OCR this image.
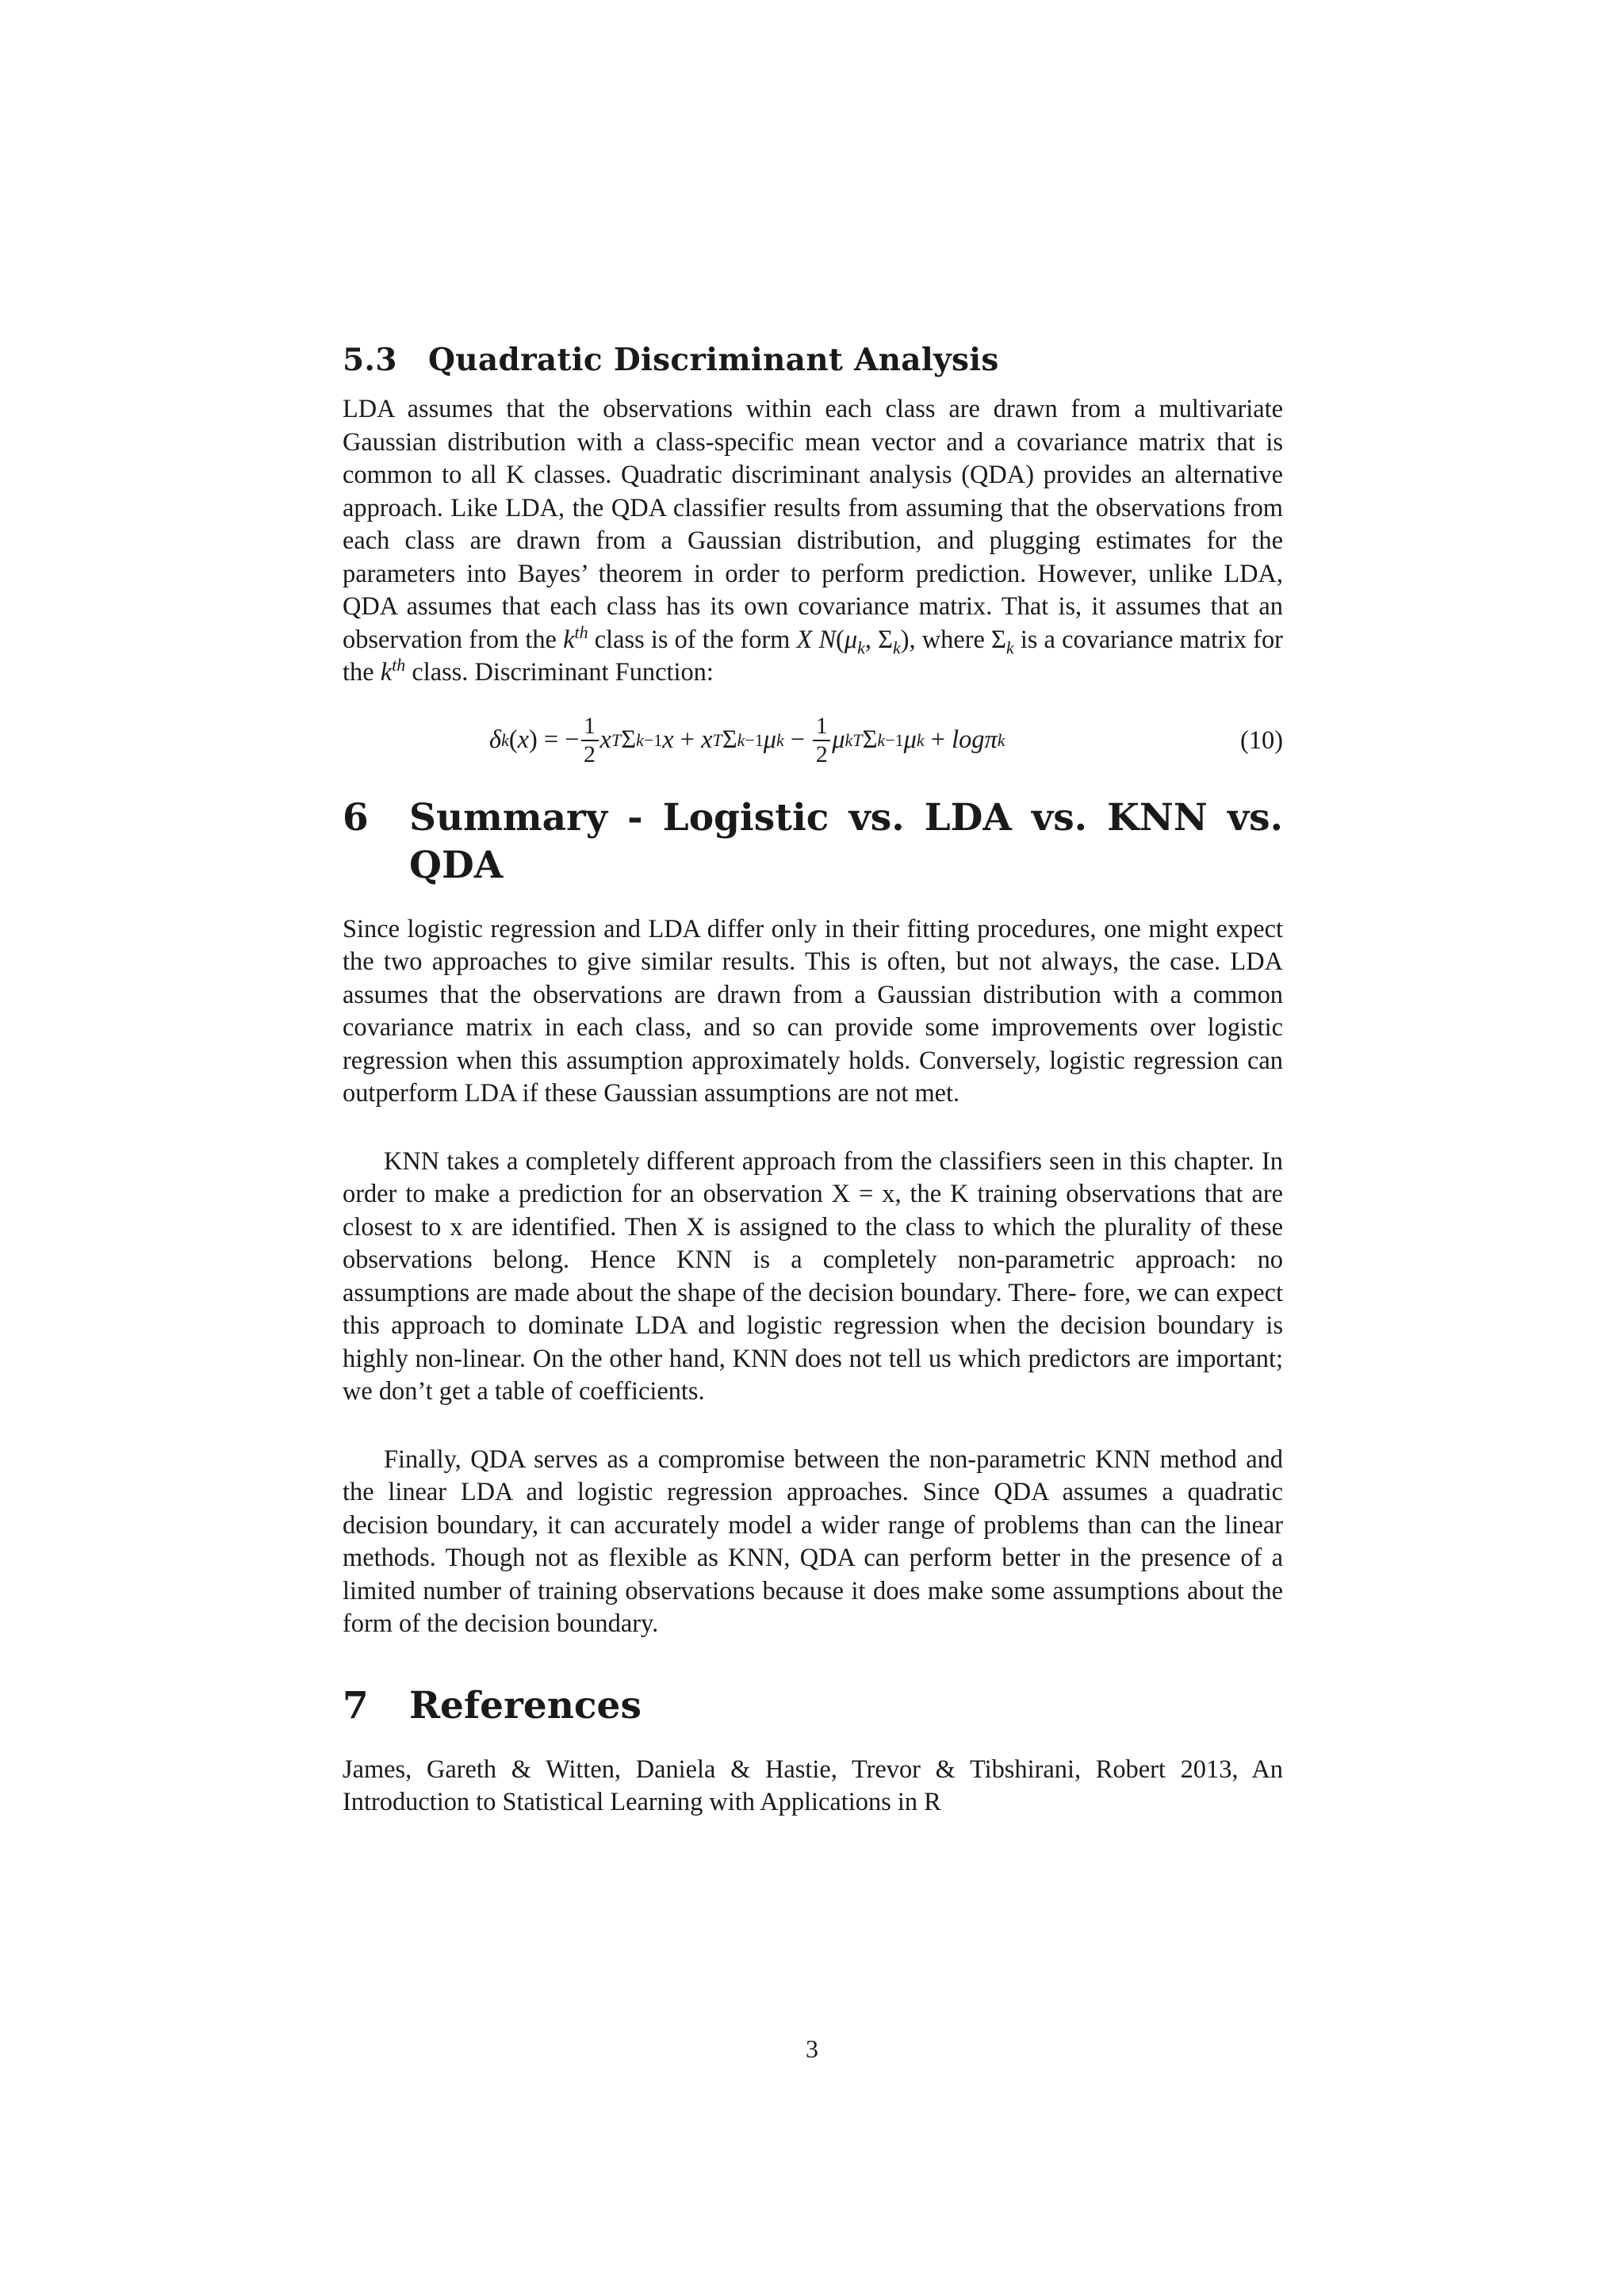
5.3 Quadratic Discriminant Analysis

LDA assumes that the observations within each class are drawn from a multivariate Gaussian distribution with a class-specific mean vector and a covariance matrix that is common to all K classes. Quadratic discriminant analysis (QDA) provides an alternative approach. Like LDA, the QDA classifier results from assuming that the observations from each class are drawn from a Gaussian distribution, and plugging estimates for the parameters into Bayes’ theorem in order to perform prediction. However, unlike LDA, QDA assumes that each class has its own covariance matrix. That is, it assumes that an observation from the $k^{th}$ class is of the form X $N(\mu_k$, $\Sigma_k$), where $\Sigma_k$ is a covariance matrix for the $k^{th}$ class. Discriminant Function:

δ k ( x ) = − $\frac{1}{2}$ x T Σ k −1 x + x T Σ k −1 μ $k - \frac{1}{2}$ μ k T Σ k −1 μ k + logπ k	(10)
6	Summary - Logistic vs. LDA vs. KNN vs. QDA

Since logistic regression and LDA differ only in their fitting procedures, one might expect the two approaches to give similar results. This is often, but not always, the case. LDA assumes that the observations are drawn from a Gaussian distribution with a common covariance matrix in each class, and so can provide some improvements over logistic regression when this assumption approximately holds. Conversely, logistic regression can outperform LDA if these Gaussian assumptions are not met.

KNN takes a completely different approach from the classifiers seen in this chapter. In order to make a prediction for an observation X = x, the K training observations that are closest to x are identified. Then X is assigned to the class to which the plurality of these observations belong. Hence KNN is a completely non-parametric approach: no assumptions are made about the shape of the decision boundary. There- fore, we can expect this approach to dominate LDA and logistic regression when the decision boundary is highly non-linear. On the other hand, KNN does not tell us which predictors are important; we don’t get a table of coefficients.

Finally, QDA serves as a compromise between the non-parametric KNN method and the linear LDA and logistic regression approaches. Since QDA assumes a quadratic decision boundary, it can accurately model a wider range of problems than can the linear methods. Though not as flexible as KNN, QDA can perform better in the presence of a limited number of training observations because it does make some assumptions about the form of the decision boundary.

7	References

James, Gareth & Witten, Daniela & Hastie, Trevor & Tibshirani, Robert 2013, An Introduction to Statistical Learning with Applications in R

3
